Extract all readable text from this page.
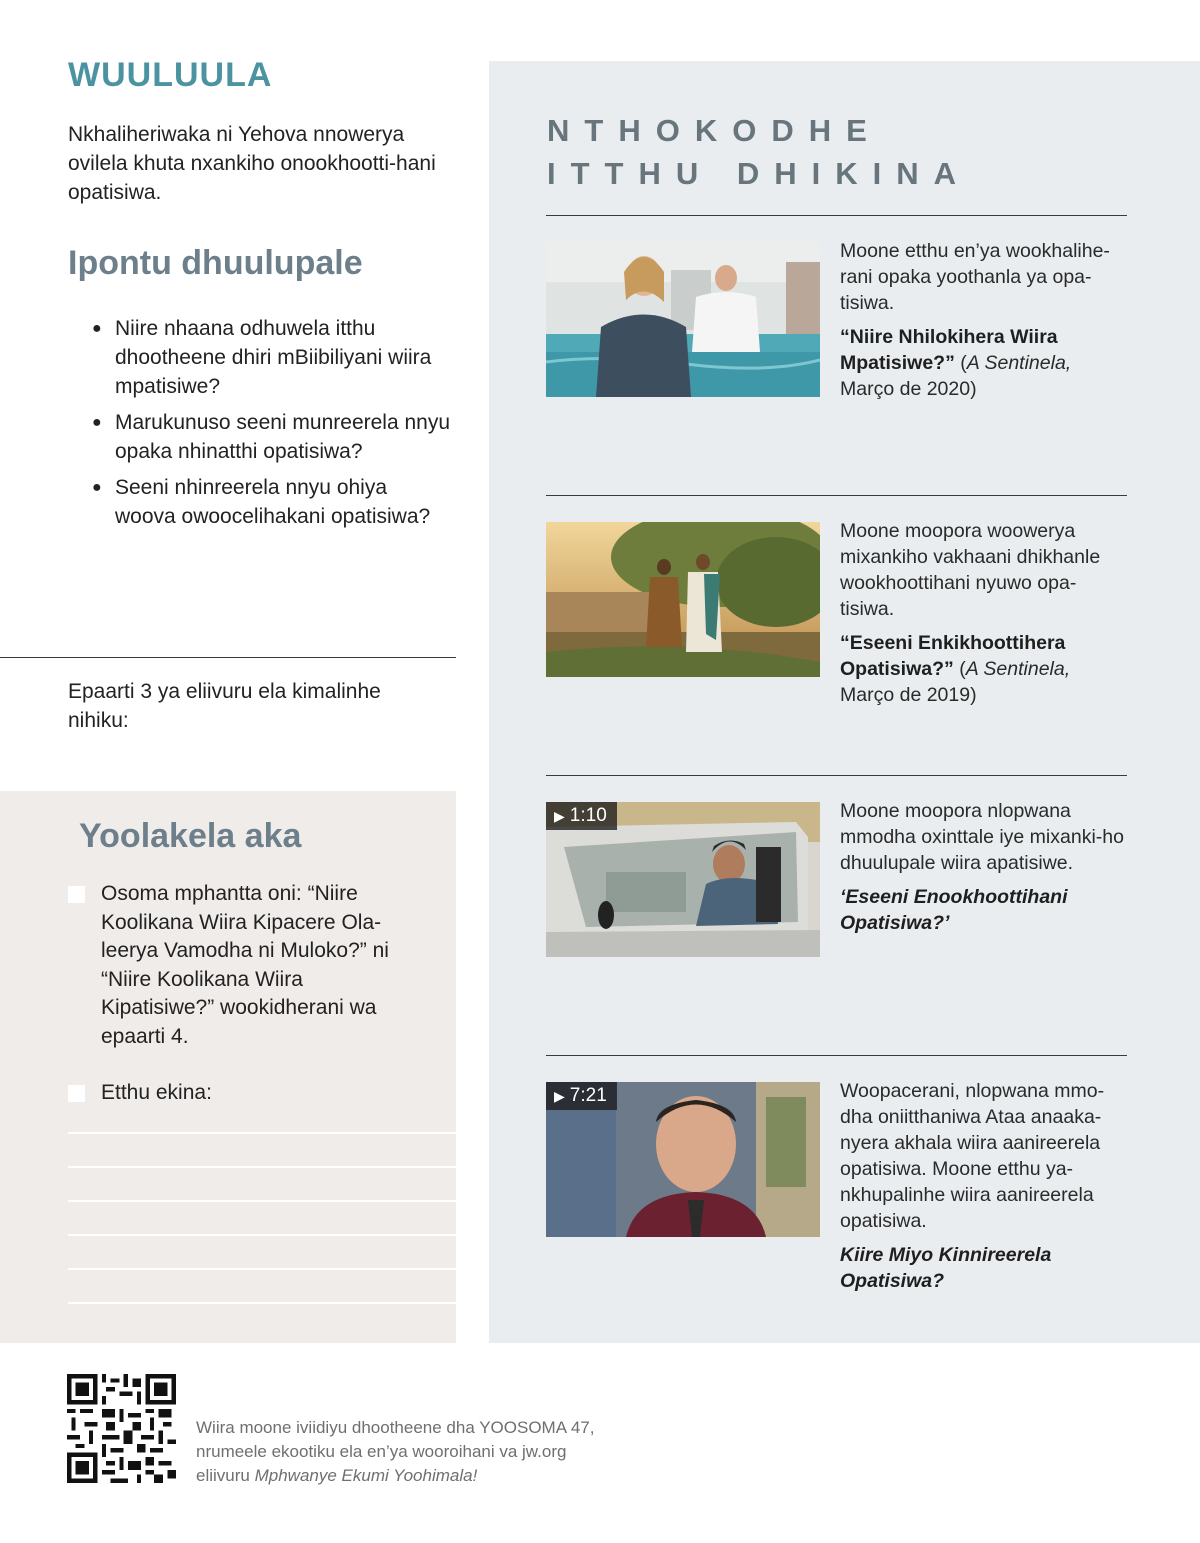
WUULUULA
Nkhaliheriwaka ni Yehova nnowerya ovilela khuta nxankiho onookhootti-hani opatisiwa.
Ipontu dhuulupale
● Niire nhaana odhuwela itthu dhootheene dhiri mBiibiliyani wiira mpatisiwe?
● Marukunuso seeni munreerela nnyu opaka nhinatthi opatisiwa?
● Seeni nhinreerela nnyu ohiya woova owoocelihakani opatisiwa?
Epaarti 3 ya eliivuru ela kimalinhe nihiku:
Yoolakela aka
Osoma mphantta oni: “Niire Koolikana Wiira Kipacere Ola-leerya Vamodha ni Muloko?” ni “Niire Koolikana Wiira Kipatisiwe?” wookidherani wa epaarti 4.
Etthu ekina:
NTHOKODHE
ITTHU DHIKINA
Moone etthu en’ya wookhalihe-rani opaka yoothanla ya opa-tisiwa.
“Niire Nhilokihera Wiira Mpatisiwe?” (A Sentinela, Março de 2020)
Moone moopora woowerya mixankiho vakhaani dhikhanle wookhoottihani nyuwo opa-tisiwa.
“Eseeni Enkikhoottihera Opatisiwa?” (A Sentinela, Março de 2019)
▶ 1:10	Moone moopora nlopwana mmodha oxinttale iye mixanki-ho dhuulupale wiira apatisiwe.
‘Eseeni Enookhoottihani Opatisiwa?’
▶ 7:21	Woopacerani, nlopwana mmo-dha oniitthaniwa Ataa anaaka-nyera akhala wiira aanireerela opatisiwa. Moone etthu ya-nkhupalinhe wiira aanireerela opatisiwa.
Kiire Miyo Kinnireerela Opatisiwa?
Wiira moone iviidiyu dhootheene dha YOOSOMA 47,
nrumeele ekootiku ela en’ya wooroihani va jw.org
eliivuru Mphwanye Ekumi Yoohimala!
